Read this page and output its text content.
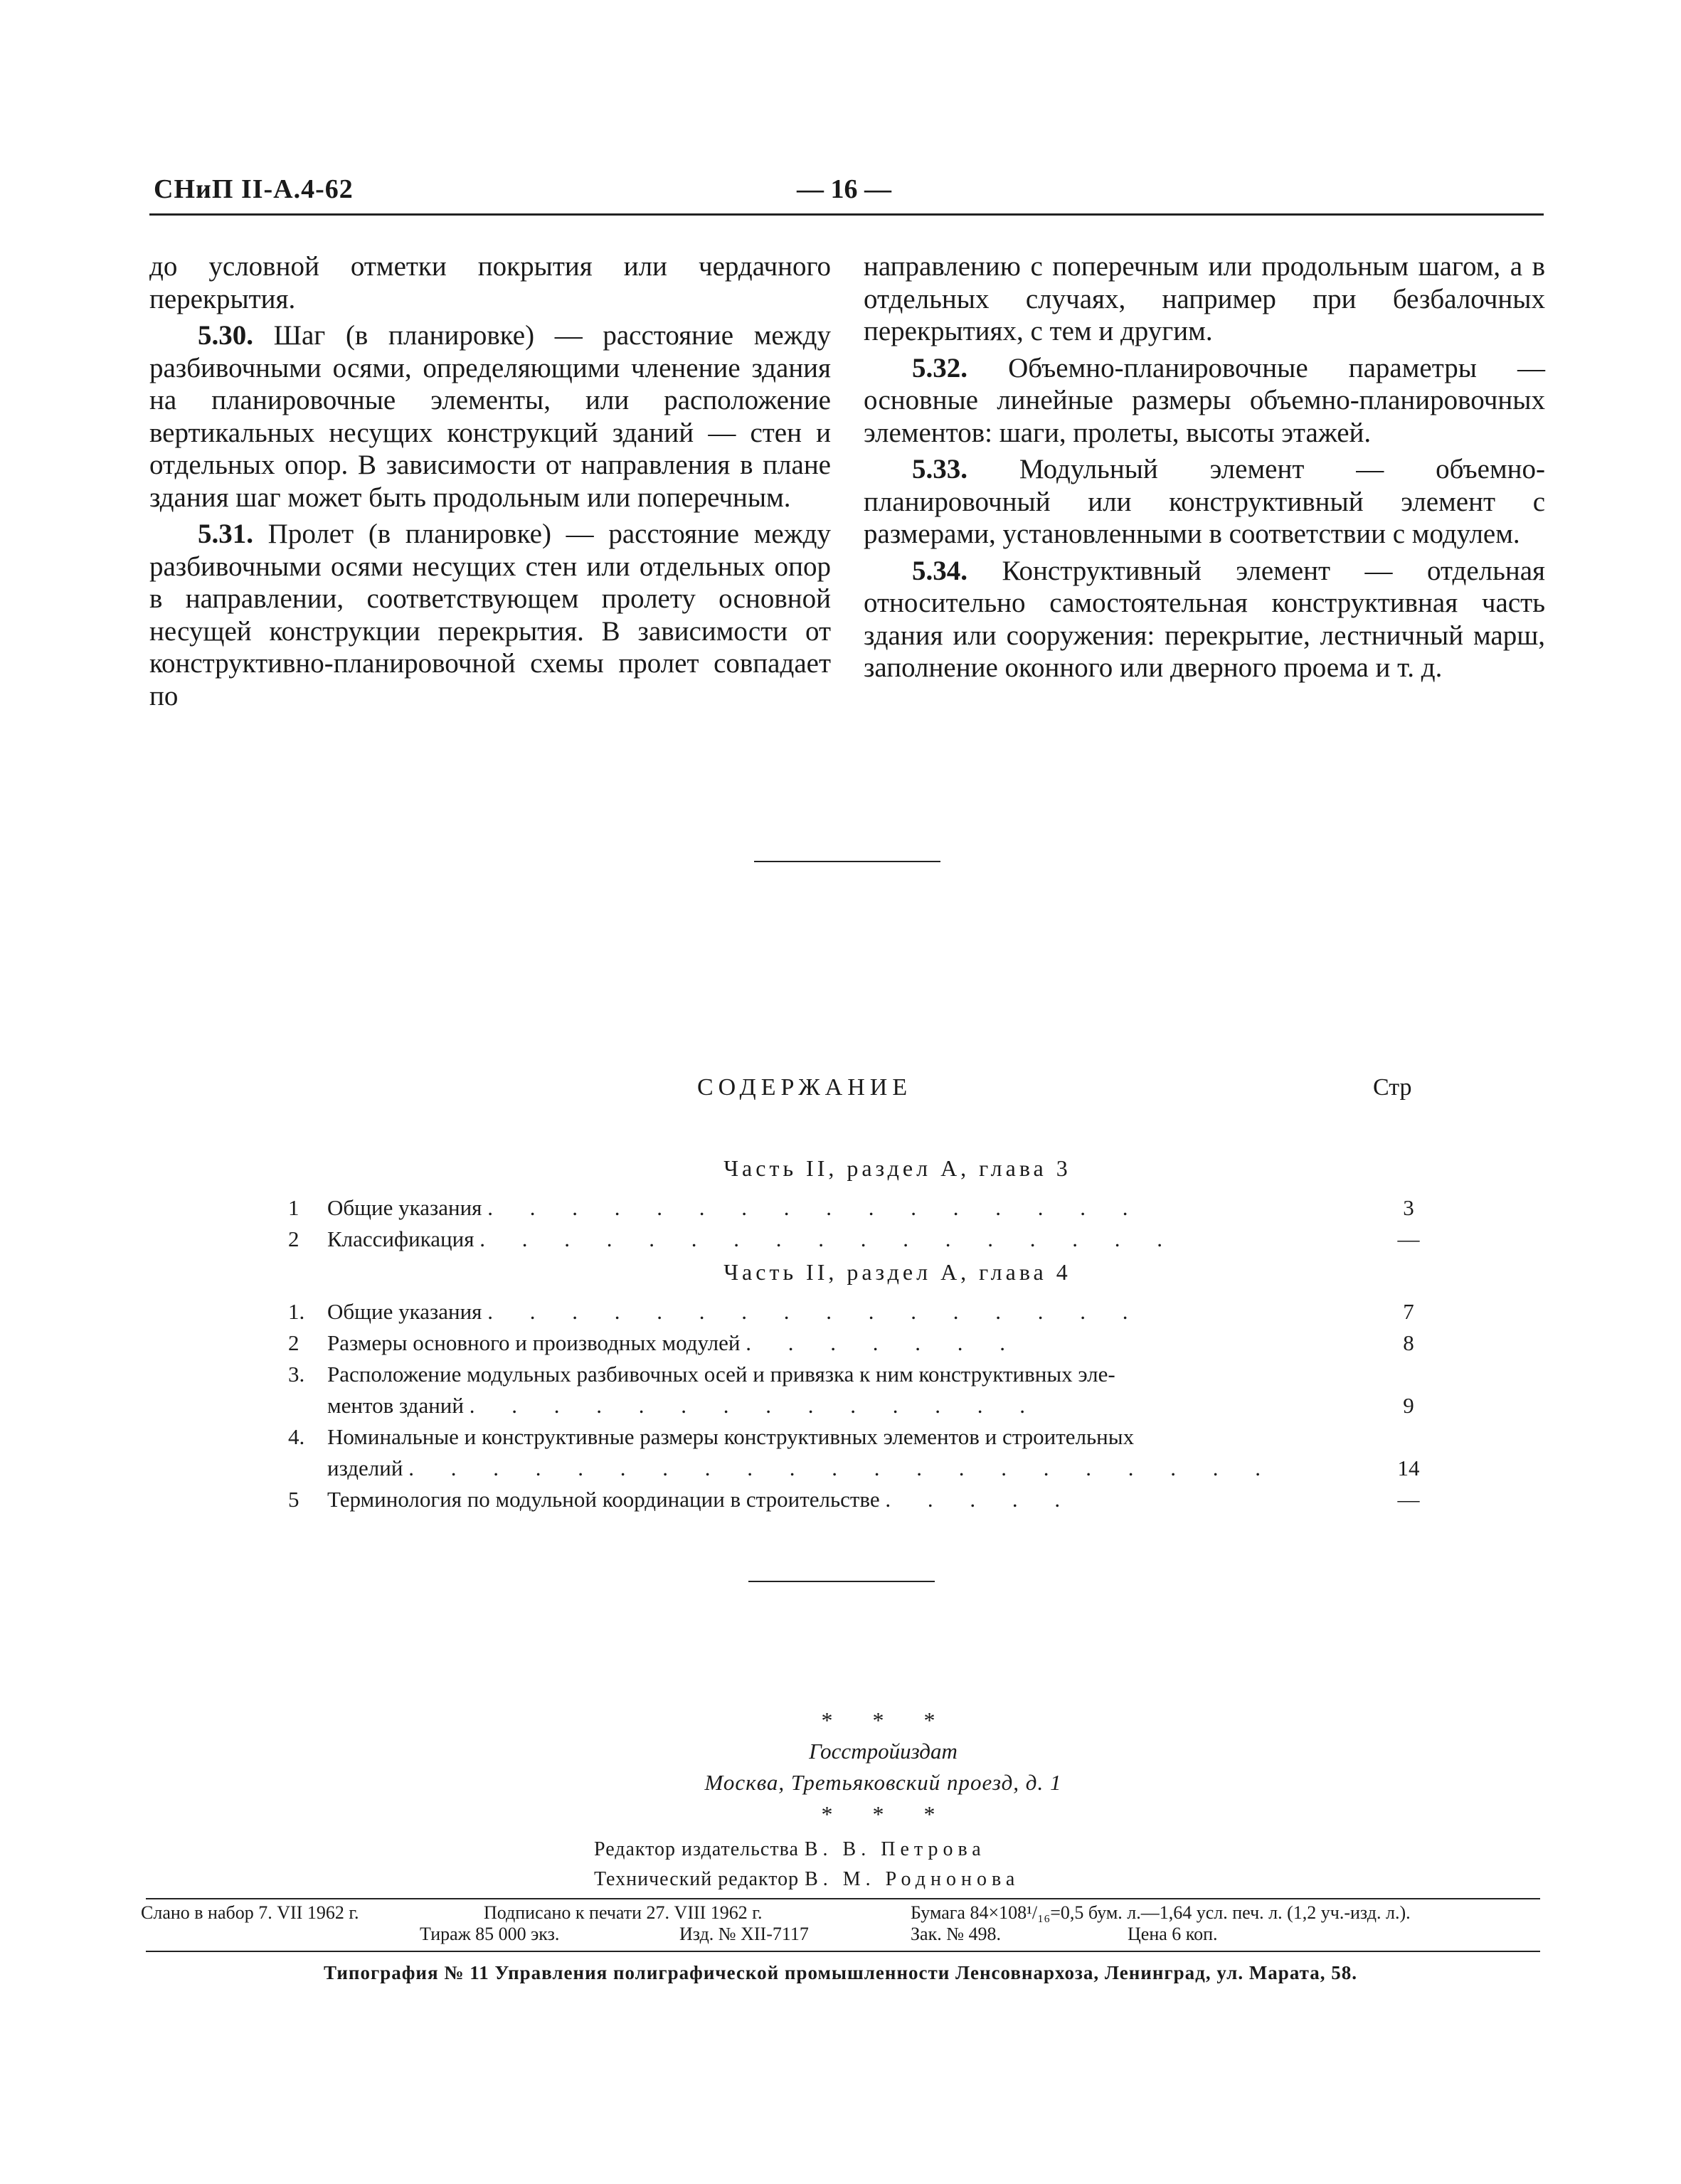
СНиП II-А.4-62	— 16 —

до условной отметки покрытия или чердачного перекрытия.

5.30. Шаг (в планировке) — расстояние между разбивочными осями, определяющими членение здания на планировочные элементы, или расположение вертикальных несущих конструкций зданий — стен и отдельных опор. В зависимости от направления в плане здания шаг может быть продольным или поперечным.

5.31. Пролет (в планировке) — расстояние между разбивочными осями несущих стен или отдельных опор в направлении, соответствующем пролету основной несущей конструкции перекрытия. В зависимости от конструктивно-планировочной схемы пролет совпадает по

направлению с поперечным или продольным шагом, а в отдельных случаях, например при безбалочных перекрытиях, с тем и другим.

5.32. Объемно-планировочные параметры — основные линейные размеры объемно-планировочных элементов: шаги, пролеты, высоты этажей.

5.33. Модульный элемент — объемно-планировочный или конструктивный элемент с размерами, установленными в соответствии с модулем.

5.34. Конструктивный элемент — отдельная относительно самостоятельная конструктивная часть здания или сооружения: перекрытие, лестничный марш, заполнение оконного или дверного проема и т. д.

СОДЕРЖАНИЕ	Стр
Часть II, раздел А, глава 3
1	Общие указания . . . . . . . . . . . . . . . .	3
2	Классификация . . . . . . . . . . . . . . . . .	—
Часть II, раздел А, глава 4
1. Общие указания . . . . . . . . . . . . . . . .	7
2	Размеры основного и производных модулей . . . . . . .	8
3. Расположение модульных разбивочных осей и привязка к ним конструктивных эле-
ментов зданий . . . . . . . . . . . . . .	9
4. Номинальные и конструктивные размеры конструктивных элементов и строительных
изделий . . . . . . . . . . . . . . . . . . . . .	14
5	Терминология по модульной координации в строительстве . . . . .	—
* * *
Госстройиздат
Москва, Третьяковский проезд, д. 1
* * *
Редактор издательства В. В. Петрова
Технический редактор В. М. Роднонова
Слано в набор 7. VII 1962 г.	Подписано к печати 27. VIII 1962 г.	Бумага 84×108¹/₁₆=0,5 бум. л.—1,64 усл. печ. л. (1,2 уч.-изд. л.).
Тираж 85 000 экз.	Изд. № XII-7117	Зак. № 498.	Цена 6 коп.
Типография № 11 Управления полиграфической промышленности Ленсовнархоза, Ленинград, ул. Марата, 58.
